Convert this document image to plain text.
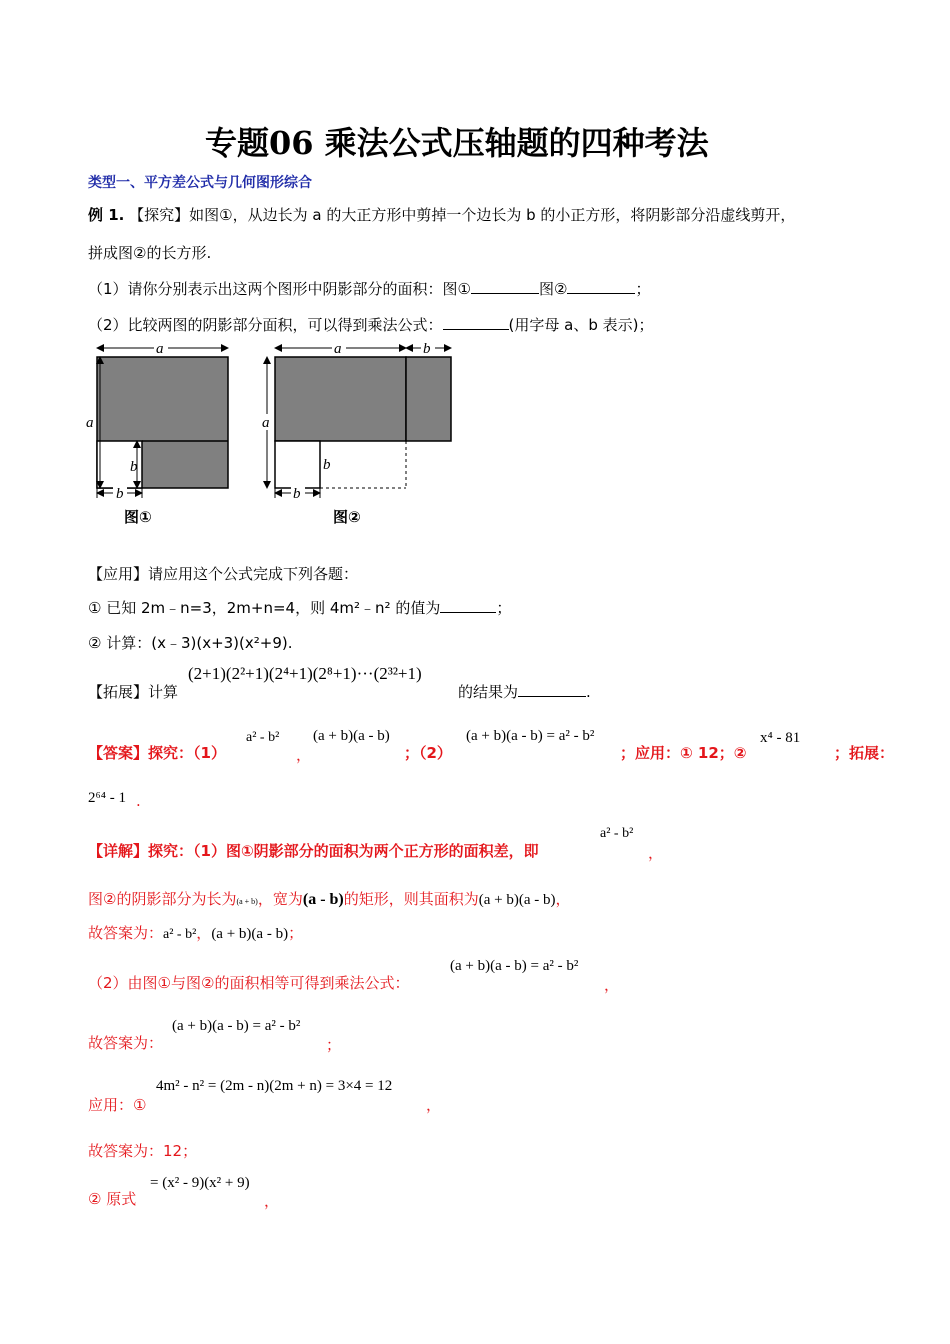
专题06 乘法公式压轴题的四种考法
类型一、平方差公式与几何图形综合
例 1. 【探究】如图①，从边长为 a 的大正方形中剪掉一个边长为 b 的小正方形，将阴影部分沿虚线剪开，
拼成图②的长方形.
（1）请你分别表示出这两个图形中阴影部分的面积：图①	图②	；
（2）比较两图的阴影部分面积，可以得到乘法公式：	(用字母 a、b 表示)；
a
a
b
b
a	b
a
b
b
图①	图②
【应用】请应用这个公式完成下列各题：
① 已知 2m﹣n=3，2m+n=4，则 4m²﹣n² 的值为	；
② 计算：(x﹣3)(x+3)(x²+9).
【拓展】计算
(2+1)(2²+1)(2⁴+1)(2⁸+1)···(2³²+1)
的结果为	.
【答案】探究：（1）
a² - b²
，
(a + b)(a - b)
；（2）
(a + b)(a - b) = a² - b²
；应用：① 12；②
x⁴ - 81
；拓展：
2⁶⁴ - 1 .
【详解】探究：（1）图①阴影部分的面积为两个正方形的面积差，即
a² - b²
，
图②的阴影部分为长为(a + b)，宽为(a - b)的矩形，则其面积为(a + b)(a - b)，
故答案为：a² - b²，(a + b)(a - b)；
（2）由图①与图②的面积相等可得到乘法公式：
(a + b)(a - b) = a² - b²
，
故答案为：
(a + b)(a - b) = a² - b²
；
应用：①
4m² - n² = (2m - n)(2m + n) = 3×4 = 12
，
故答案为：12；
② 原式
= (x² - 9)(x² + 9)
，
